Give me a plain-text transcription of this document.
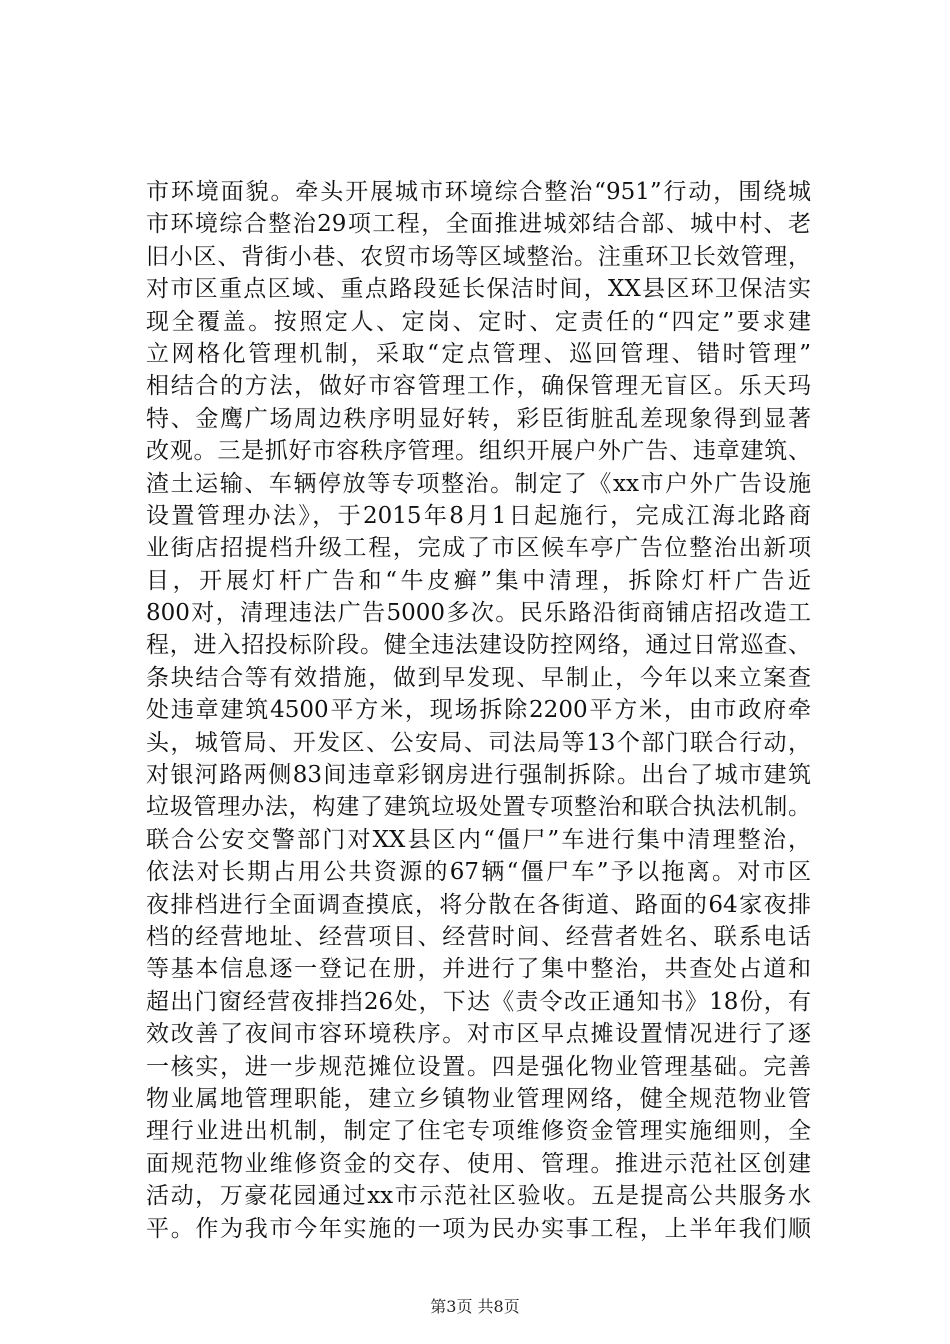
市环境面貌。牵头开展城市环境综合整治“951”行动，围绕城
市环境综合整治29项工程，全面推进城郊结合部、城中村、老
旧小区、背街小巷、农贸市场等区域整治。注重环卫长效管理，
对市区重点区域、重点路段延长保洁时间，XX县区环卫保洁实
现全覆盖。按照定人、定岗、定时、定责任的“四定”要求建
立网格化管理机制，采取“定点管理、巡回管理、错时管理”
相结合的方法，做好市容管理工作，确保管理无盲区。乐天玛
特、金鹰广场周边秩序明显好转，彩臣街脏乱差现象得到显著
改观。三是抓好市容秩序管理。组织开展户外广告、违章建筑、
渣土运输、车辆停放等专项整治。制定了《xx市户外广告设施
设置管理办法》，于2015年8月1日起施行，完成江海北路商
业街店招提档升级工程，完成了市区候车亭广告位整治出新项
目，开展灯杆广告和“牛皮癣”集中清理，拆除灯杆广告近
800对，清理违法广告5000多次。民乐路沿街商铺店招改造工
程，进入招投标阶段。健全违法建设防控网络，通过日常巡查、
条块结合等有效措施，做到早发现、早制止，今年以来立案查
处违章建筑4500平方米，现场拆除2200平方米，由市政府牵
头，城管局、开发区、公安局、司法局等13个部门联合行动，
对银河路两侧83间违章彩钢房进行强制拆除。出台了城市建筑
垃圾管理办法，构建了建筑垃圾处置专项整治和联合执法机制。
联合公安交警部门对XX县区内“僵尸”车进行集中清理整治，
依法对长期占用公共资源的67辆“僵尸车”予以拖离。对市区
夜排档进行全面调查摸底，将分散在各街道、路面的64家夜排
档的经营地址、经营项目、经营时间、经营者姓名、联系电话
等基本信息逐一登记在册，并进行了集中整治，共查处占道和
超出门窗经营夜排挡26处，下达《责令改正通知书》18份，有
效改善了夜间市容环境秩序。对市区早点摊设置情况进行了逐
一核实，进一步规范摊位设置。四是强化物业管理基础。完善
物业属地管理职能，建立乡镇物业管理网络，健全规范物业管
理行业进出机制，制定了住宅专项维修资金管理实施细则，全
面规范物业维修资金的交存、使用、管理。推进示范社区创建
活动，万豪花园通过xx市示范社区验收。五是提高公共服务水
平。作为我市今年实施的一项为民办实事工程，上半年我们顺
第3页 共8页
